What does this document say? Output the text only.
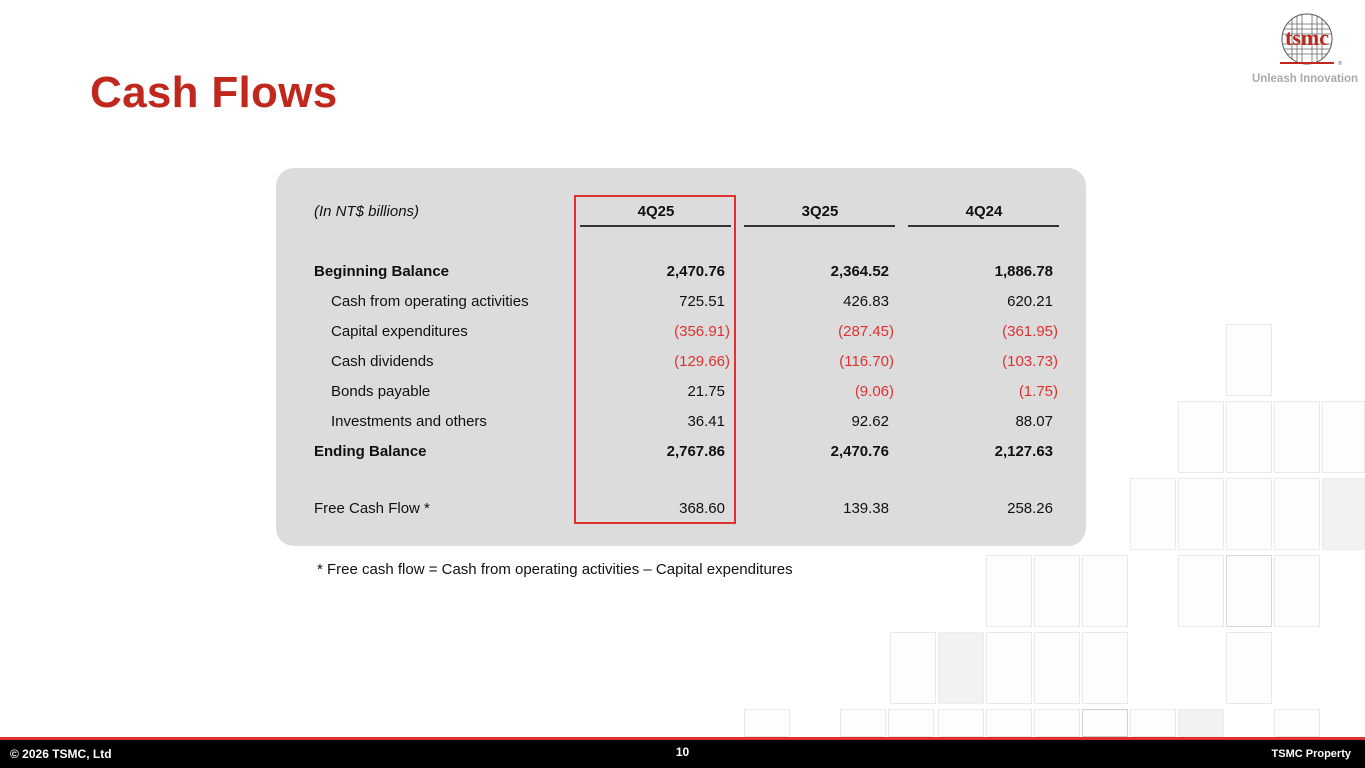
Cash Flows
tsmc
®
Unleash Innovation
(In NT$ billions)	4Q25	3Q25	4Q24
Beginning Balance	2,470.76	2,364.52	1,886.78
Cash from operating activities	725.51	426.83	620.21
Capital expenditures	(356.91)	(287.45)	(361.95)
Cash dividends	(129.66)	(116.70)	(103.73)
Bonds payable	21.75	(9.06)	(1.75)
Investments and others	36.41	92.62	88.07
Ending Balance	2,767.86	2,470.76	2,127.63
Free Cash Flow *	368.60	139.38	258.26
* Free cash flow = Cash from operating activities – Capital expenditures
© 2026 TSMC, Ltd	10	TSMC Property
